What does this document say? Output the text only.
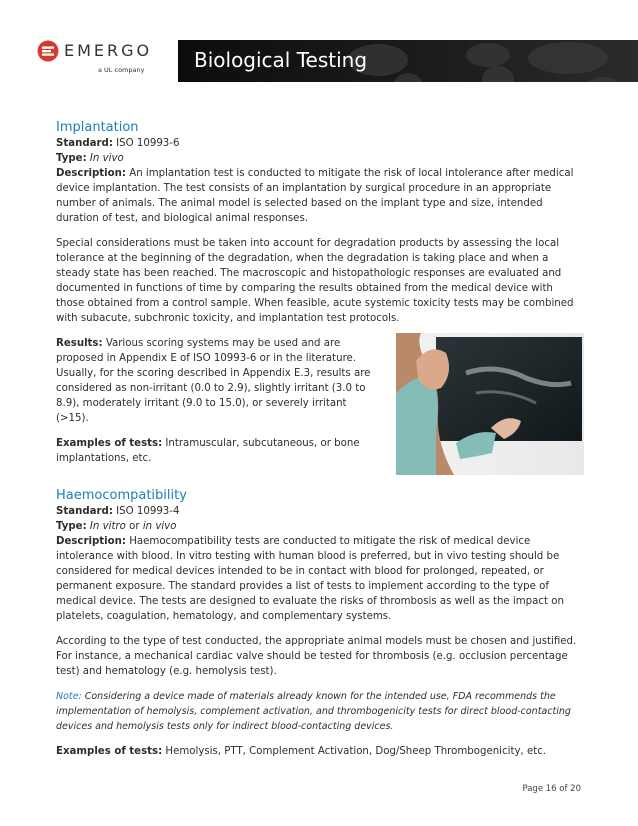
EMERGO
a UL company Biological Testing
Implantation

Standard: ISO 10993-6

Type: In vivo

Description: An implantation test is conducted to mitigate the risk of local intolerance after medical device implantation. The test consists of an implantation by surgical procedure in an appropriate number of animals. The animal model is selected based on the implant type and size, intended duration of test, and biological animal responses.

Special considerations must be taken into account for degradation products by assessing the local tolerance at the beginning of the degradation, when the degradation is taking place and when a steady state has been reached. The macroscopic and histopathologic responses are evaluated and documented in functions of time by comparing the results obtained from the medical device with those obtained from a control sample. When feasible, acute systemic toxicity tests may be combined with subacute, subchronic toxicity, and implantation test protocols.

Results: Various scoring systems may be used and are proposed in Appendix E of ISO 10993-6 or in the literature. Usually, for the scoring described in Appendix E.3, results are considered as non-irritant (0.0 to 2.9), slightly irritant (3.0 to 8.9), moderately irritant (9.0 to 15.0), or severely irritant (>15).

Examples of tests: Intramuscular, subcutaneous, or bone implantations, etc.

Haemocompatibility

Standard: ISO 10993-4

Type: In vitro or in vivo

Description: Haemocompatibility tests are conducted to mitigate the risk of medical device intolerance with blood. In vitro testing with human blood is preferred, but in vivo testing should be considered for medical devices intended to be in contact with blood for prolonged, repeated, or permanent exposure. The standard provides a list of tests to implement according to the type of medical device. The tests are designed to evaluate the risks of thrombosis as well as the impact on platelets, coagulation, hematology, and complementary systems.

According to the type of test conducted, the appropriate animal models must be chosen and justified. For instance, a mechanical cardiac valve should be tested for thrombosis (e.g. occlusion percentage test) and hematology (e.g. hemolysis test).

Note: Considering a device made of materials already known for the intended use, FDA recommends the implementation of hemolysis, complement activation, and thrombogenicity tests for direct blood-contacting devices and hemolysis tests only for indirect blood-contacting devices.

Examples of tests: Hemolysis, PTT, Complement Activation, Dog/Sheep Thrombogenicity, etc.

Page 16 of 20
